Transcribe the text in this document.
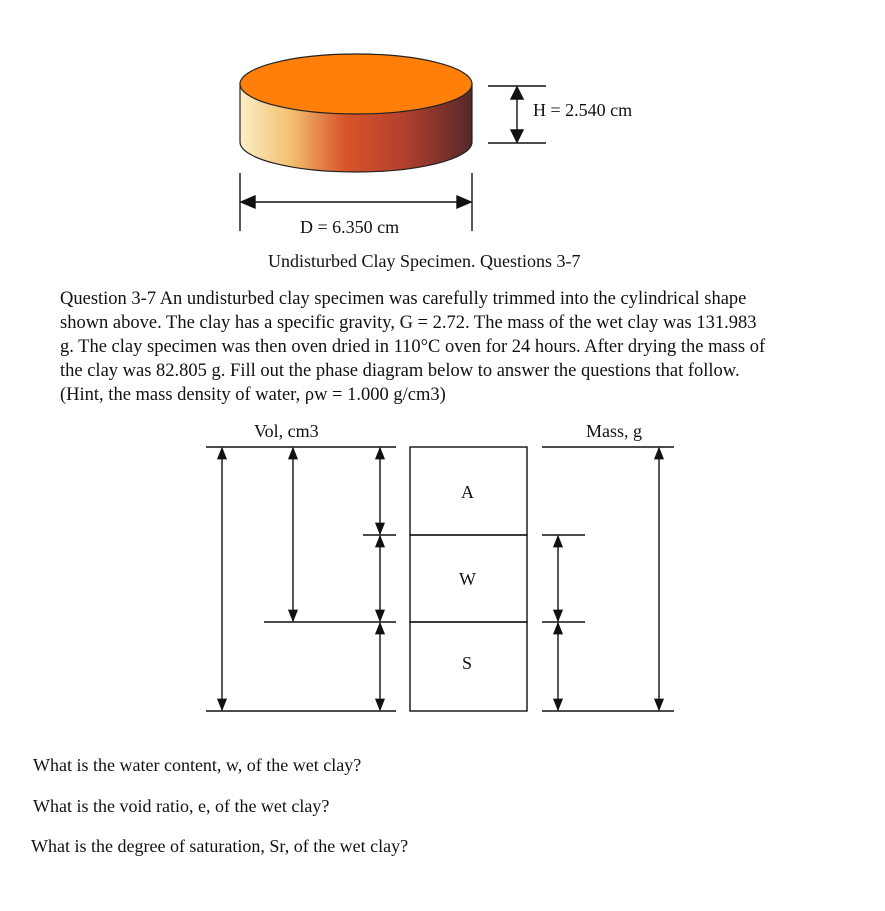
H = 2.540 cm
D = 6.350 cm
Undisturbed Clay Specimen. Questions 3-7

Question 3-7 An undisturbed clay specimen was carefully trimmed into the cylindrical shape

shown above. The clay has a specific gravity, G = 2.72. The mass of the wet clay was 131.983

g. The clay specimen was then oven dried in 110°C oven for 24 hours. After drying the mass of

the clay was 82.805 g. Fill out the phase diagram below to answer the questions that follow.

(Hint, the mass density of water, ρw = 1.000 g/cm3)

Vol, cm3	Mass, g
A
W
S
What is the water content, w, of the wet clay?
What is the void ratio, e, of the wet clay?
What is the degree of saturation, Sr, of the wet clay?
